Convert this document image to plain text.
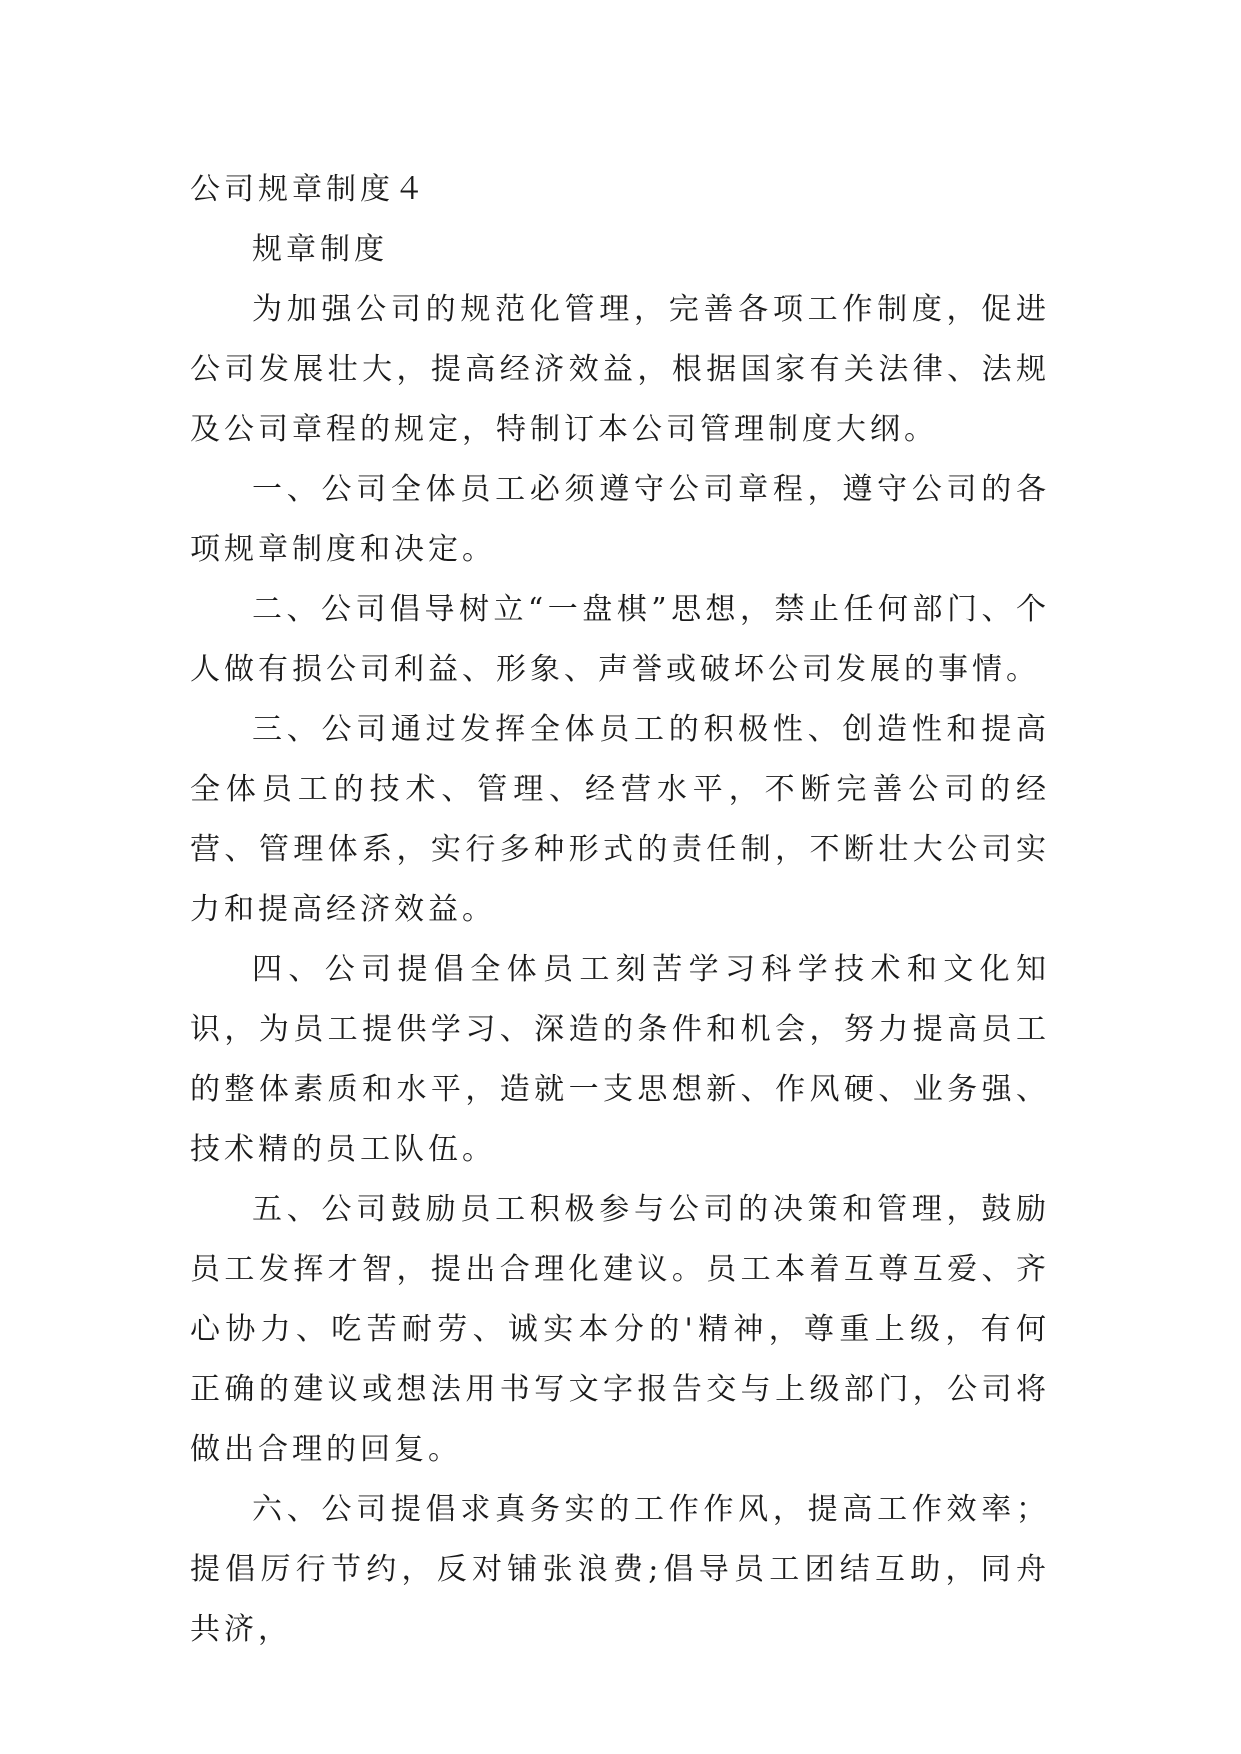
公司规章制度４

规章制度

为加强公司的规范化管理，完善各项工作制度，促进公司发展壮大，提高经济效益，根据国家有关法律、法规及公司章程的规定，特制订本公司管理制度大纲。

一、公司全体员工必须遵守公司章程，遵守公司的各项规章制度和决定。

二、公司倡导树立“一盘棋”思想，禁止任何部门、个人做有损公司利益、形象、声誉或破坏公司发展的事情。

三、公司通过发挥全体员工的积极性、创造性和提高全体员工的技术、管理、经营水平，不断完善公司的经营、管理体系，实行多种形式的责任制，不断壮大公司实力和提高经济效益。

四、公司提倡全体员工刻苦学习科学技术和文化知识，为员工提供学习、深造的条件和机会，努力提高员工的整体素质和水平，造就一支思想新、作风硬、业务强、技术精的员工队伍。

五、公司鼓励员工积极参与公司的决策和管理，鼓励员工发挥才智，提出合理化建议。员工本着互尊互爱、齐心协力、吃苦耐劳、诚实本分的'精神，尊重上级，有何正确的建议或想法用书写文字报告交与上级部门，公司将做出合理的回复。

六、公司提倡求真务实的工作作风，提高工作效率；提倡厉行节约，反对铺张浪费;倡导员工团结互助，同舟共济，
